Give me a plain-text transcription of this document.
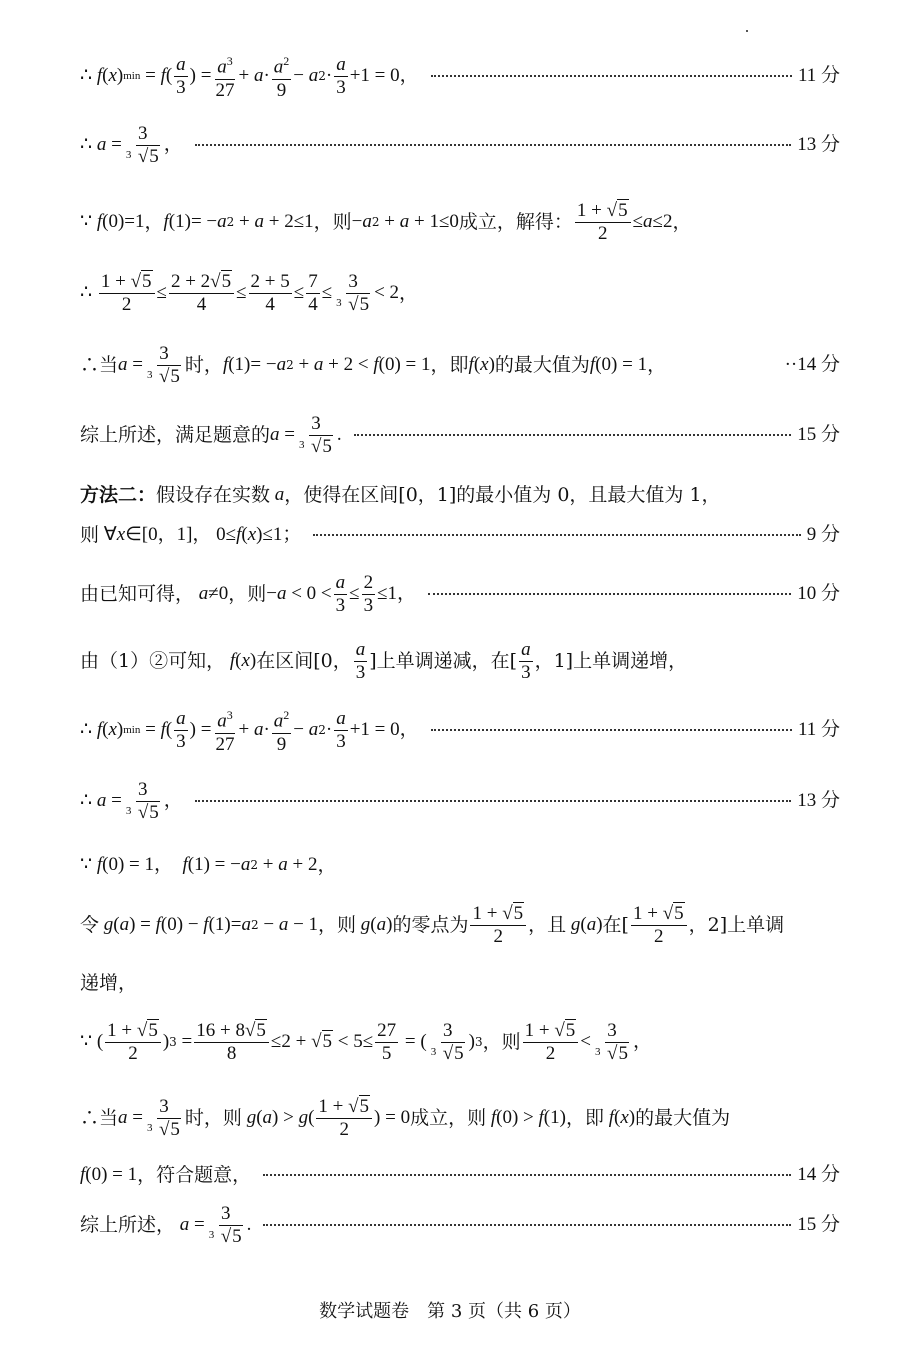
∴ f ( x ) min = f (
a
3
) = $\frac{a^3}{27} + a \cdot a^2$
9
− a 2 ·
a
3
+1 = 0，	11 分
∴ $a = \frac{3}{3 √5}$ ，	13 分
∵ f (0)=1 ， f (1)= − a 2 + a + 2≤1 ，则 − a 2 + a + 1≤0 成立，解得： $\frac{1 + √5}{2} \le a \le 2$ ，
∴ $\frac{1 + √5}{2} \le \frac{2 + 2√5}{4} \le \frac{2 + 5}{4} \le \frac{7}{4} \le \frac{3}{3 √5} < 2$ ，
∴当 $a = \frac{3}{3 √5}$ 时， f (1)= − a 2 + a + 2 < f (0) = 1 ，即 f ( x ) 的最大值为 f (0) = 1 ，	··14 分
综上所述，满足题意的 $a = \frac{3}{3 √5}$ .	15 分
方法二： 假设存在实数 a ，使得在区间[0，1]的最小值为 0，且最大值为 1，
则 ∀ x ∈[0，1]， 0≤ f ( x )≤1；	9 分
由已知可得， a ≠0 ，则 − $a < 0 < \frac{a}{3} \le \frac{2}{3} \le 1$，	10 分
由（1）②可知， f ( x ) 在区间[0，
a
3 ]上单调递减，在[
a
3 ，1]上单调递增，
∴ f ( x ) min = f (
a
3
) = $\frac{a^3}{27} + a \cdot a^2$
9
− a 2 ·
a
3
+1 = 0，	11 分
∴ $a = \frac{3}{3 √5}$ ，	13 分
∵ f (0) = 1， f (1) = − a 2 + a + 2 ，
令 g ( a ) = f (0) − f (1)= a 2 − a − 1 ，则 g ( a ) 的零点为
1 + √5
2 ，且 g ( a ) 在[
1 + √5
2 ，2]上单调
递增，
∵ (
1 + √5
2
) $3 = \frac{16 + 8√5}{8} \le 2 + √5 < 5\le \frac{27}{5}$ = (
3
3 √5
) 3 ，则
1 + √5
2
<
3
3 √5
，
∴当 $a = \frac{3}{3 √5}$ 时，则 g ( a ) > g (
1 + √5
2
) = 0 成立，则 f (0) > f (1) ，即 f ( x ) 的最大值为
f (0) = 1 ，符合题意，	14 分
综上所述， $a = \frac{3}{3 √5}$ .	15 分
数学试题卷　第 3 页（共 6 页）
